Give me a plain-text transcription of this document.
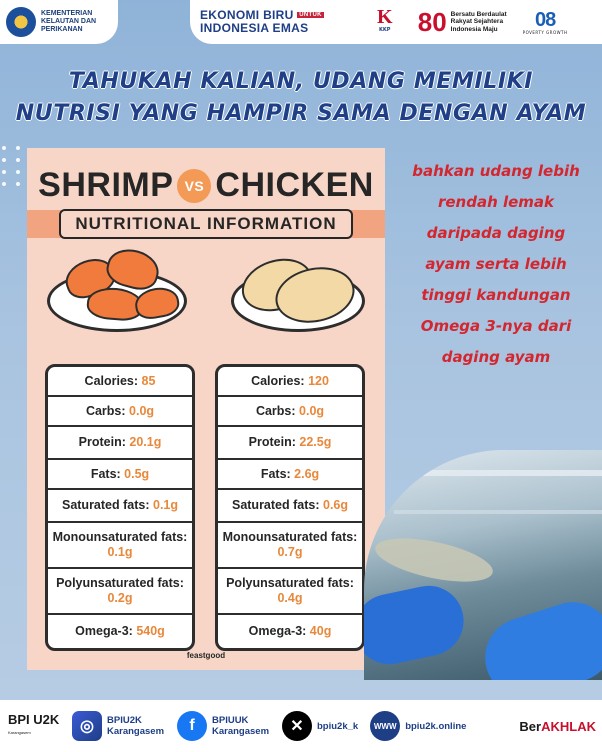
KEMENTERIAN
KELAUTAN DAN
PERIKANAN
EKONOMI BIRU UNTUK
INDONESIA EMAS
K
KKP 80 Bersatu Berdaulat Rakyat Sejahtera Indonesia Maju	08
POVERTY GROWTH
TAHUKAH KALIAN, UDANG MEMILIKI
NUTRISI YANG HAMPIR SAMA DENGAN AYAM
SHRIMP VS CHICKEN
NUTRITIONAL INFORMATION
Calories:
85
Carbs:
0.0g
Protein:
20.1g
Fats:
0.5g
Saturated fats:
0.1g
Monounsaturated fats: 0.1g
Polyunsaturated fats: 0.2g
Omega-3:
540g
Calories:
120
Carbs:
0.0g
Protein:
22.5g
Fats:
2.6g
Saturated fats:
0.6g
Monounsaturated fats: 0.7g
Polyunsaturated fats: 0.4g
Omega-3:
40g
feastgood
bahkan udang lebih
rendah lemak
daripada daging
ayam serta lebih
tinggi kandungan
Omega 3-nya dari
daging ayam
BPI U2K
Karangasem	◎	BPIU2K Karangasem	f	BPIUUK Karangasem	✕	bpiu2k_k	WWW bpiu2k.online	BerAKHLAK
